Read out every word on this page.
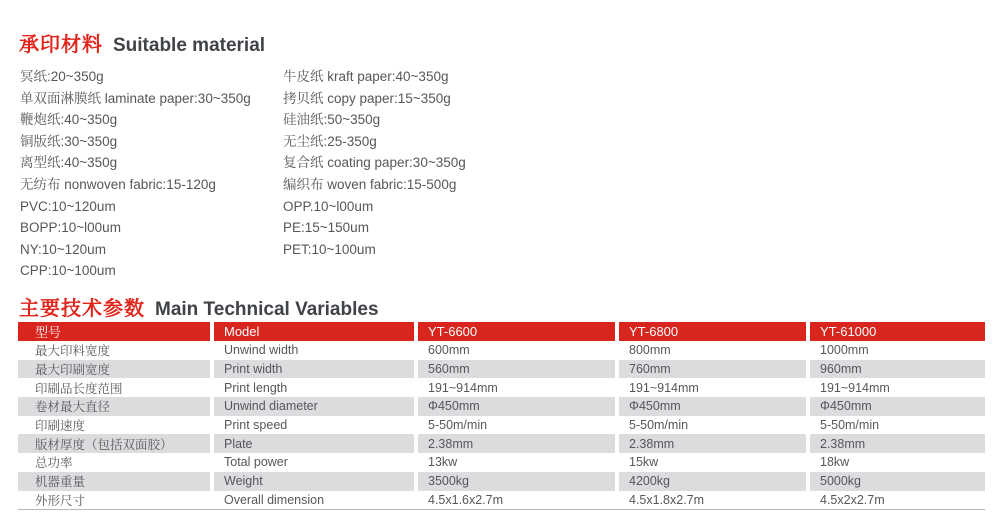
承印材料 Suitable material
冥纸:20~350g
单双面淋膜纸 laminate paper:30~350g
鞭炮纸:40~350g
铜版纸:30~350g
离型纸:40~350g
无纺布 nonwoven fabric:15-120g
PVC:10~120um
BOPP:10~l00um
NY:10~120um
CPP:10~100um
牛皮纸 kraft paper:40~350g
拷贝纸 copy paper:15~350g
硅油纸:50~350g
无尘纸:25-350g
复合纸 coating paper:30~350g
编织布 woven fabric:15-500g
OPP.10~l00um
PE:15~150um
PET:10~100um
主要技术参数 Main Technical Variables
型号	Model	YT-6600	YT-6800	YT-61000
最大印料宽度	Unwind width	600mm	800mm	1000mm
最大印刷宽度	Print width	560mm	760mm	960mm
印刷品长度范围	Print length	191~914mm	191~914mm	191~914mm
卷材最大直径	Unwind diameter	Φ450mm	Φ450mm	Φ450mm
印刷速度	Print speed	5-50m/min	5-50m/min	5-50m/min
版材厚度（包括双面胶）	Plate	2.38mm	2.38mm	2.38mm
总功率	Total power	13kw	15kw	18kw
机器重量	Weight	3500kg	4200kg	5000kg
外形尺寸	Overall dimension	4.5x1.6x2.7m	4.5x1.8x2.7m	4.5x2x2.7m
